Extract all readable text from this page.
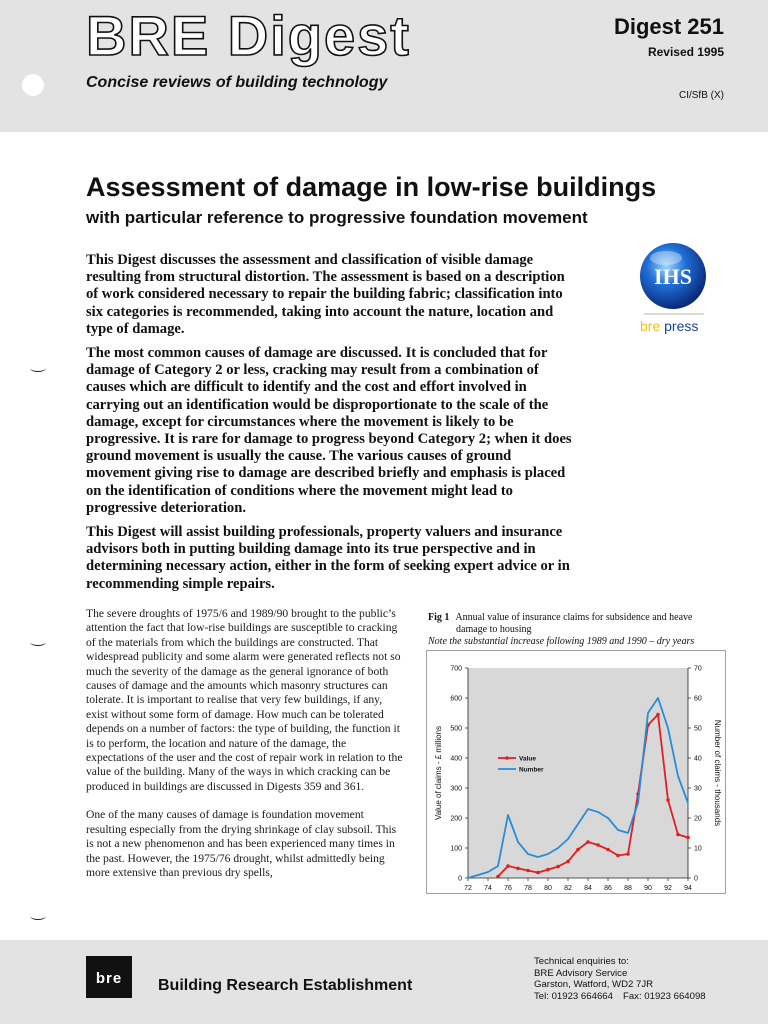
BRE Digest
Concise reviews of building technology
Digest 251
Revised 1995
CI/SfB (X)
Assessment of damage in low-rise buildings
with particular reference to progressive foundation movement
IHS
bre press

This Digest discusses the assessment and classification of visible damage resulting from structural distortion. The assessment is based on a description of work considered necessary to repair the building fabric; classification into six categories is recommended, taking into account the nature, location and type of damage.

The most common causes of damage are discussed. It is concluded that for damage of Category 2 or less, cracking may result from a combination of causes which are difficult to identify and the cost and effort involved in carrying out an identification would be disproportionate to the scale of the damage, except for circumstances where the movement is likely to be progressive. It is rare for damage to progress beyond Category 2; when it does ground movement is usually the cause. The various causes of ground movement giving rise to damage are described briefly and emphasis is placed on the identification of conditions where the movement might lead to progressive deterioration.

This Digest will assist building professionals, property valuers and insurance advisors both in putting building damage into its true perspective and in determining necessary action, either in the form of seeking expert advice or in recommending simple repairs.

The severe droughts of 1975/6 and 1989/90 brought to the public’s attention the fact that low-rise buildings are susceptible to cracking of the materials from which the buildings are constructed. That widespread publicity and some alarm were generated reflects not so much the severity of the damage as the general ignorance of both causes of damage and the amounts which masonry structures can tolerate. It is important to realise that very few buildings, if any, exist without some form of damage. How much can be tolerated depends on a number of factors: the type of building, the function it is to perform, the location and nature of the damage, the expectations of the user and the cost of repair work in relation to the value of the building. Many of the ways in which cracking can be produced in buildings are discussed in Digests 359 and 361.

One of the many causes of damage is foundation movement resulting especially from the drying shrinkage of clay subsoil. This is not a new phenomenon and has been experienced many times in the past. However, the 1975/76 drought, whilst admittedly being more extensive than previous dry spells,

Fig 1 Annual value of insurance claims for subsidence and heave
damage to housing
Note the substantial increase following 1989 and 1990 – dry years
72 74 76 78 80 82 84 86 88 90 92 94
0
100
200
300
400
500
600
700
0
10
20
30
40
50
60
70
Value of claims - £ millions	Number of claims - thousands
Value
Number
bre	Building Research Establishment
Technical enquiries to:
BRE Advisory Service
Garston, Watford, WD2 7JR
Tel: 01923 664664 Fax: 01923 664098
